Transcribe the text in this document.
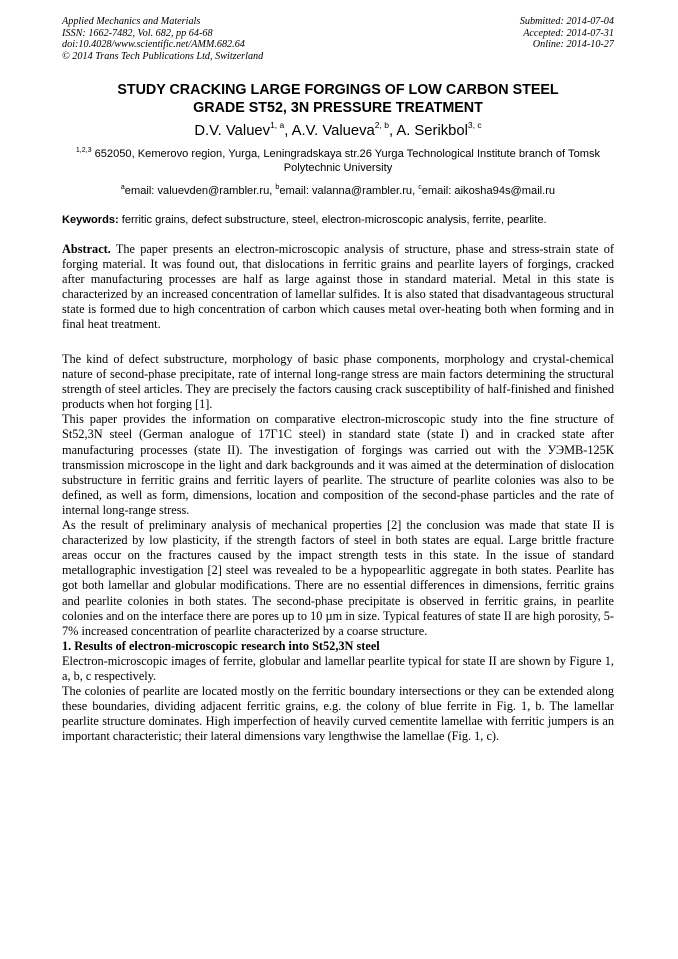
Applied Mechanics and Materials
ISSN: 1662-7482, Vol. 682, pp 64-68
doi:10.4028/www.scientific.net/AMM.682.64
© 2014 Trans Tech Publications Ltd, Switzerland
Submitted: 2014-07-04
Accepted: 2014-07-31
Online: 2014-10-27
STUDY CRACKING LARGE FORGINGS OF LOW CARBON STEEL
GRADE ST52, 3N PRESSURE TREATMENT
D.V. Valuev$^{1, a}$, A.V. Valueva$^{2, b}$, A. Serikbol$^{3, c}$
$^{1,2,3}$ 652050, Kemerovo region, Yurga, Leningradskaya str.26 Yurga Technological Institute branch of Tomsk Polytechnic University
$^a$email: valuevden@rambler.ru, $^b$email: valanna@rambler.ru, $^c$email: aikosha94s@mail.ru
Keywords: ferritic grains, defect substructure, steel, electron-microscopic analysis, ferrite, pearlite.

Abstract. The paper presents an electron-microscopic analysis of structure, phase and stress-strain state of forging material. It was found out, that dislocations in ferritic grains and pearlite layers of forgings, cracked after manufacturing processes are half as large against those in standard material. Metal in this state is characterized by an increased concentration of lamellar sulfides. It is also stated that disadvantageous structural state is formed due to high concentration of carbon which causes metal over-heating both when forming and in final heat treatment.

The kind of defect substructure, morphology of basic phase components, morphology and crystal-chemical nature of second-phase precipitate, rate of internal long-range stress are main factors determining the structural strength of steel articles. They are precisely the factors causing crack susceptibility of half-finished and finished products when hot forging [1].

This paper provides the information on comparative electron-microscopic study into the fine structure of St52,3N steel (German analogue of 17Г1С steel) in standard state (state I) and in cracked state after manufacturing processes (state II). The investigation of forgings was carried out with the УЭМВ-125К transmission microscope in the light and dark backgrounds and it was aimed at the determination of dislocation substructure in ferritic grains and ferritic layers of pearlite. The structure of pearlite colonies was also to be defined, as well as form, dimensions, location and composition of the second-phase particles and the rate of internal long-range stress.

As the result of preliminary analysis of mechanical properties [2] the conclusion was made that state II is characterized by low plasticity, if the strength factors of steel in both states are equal. Large brittle fracture areas occur on the fractures caused by the impact strength tests in this state. In the issue of standard metallographic investigation [2] steel was revealed to be a hypopearlitic aggregate in both states. Pearlite has got both lamellar and globular modifications. There are no essential differences in dimensions, ferritic grains and pearlite colonies in both states. The second-phase precipitate is observed in ferritic grains, in pearlite colonies and on the interface there are pores up to 10 µm in size. Typical features of state II are high porosity, 5-7% increased concentration of pearlite characterized by a coarse structure.

1. Results of electron-microscopic research into St52,3N steel

Electron-microscopic images of ferrite, globular and lamellar pearlite typical for state II are shown by Figure 1, a, b, c respectively.

The colonies of pearlite are located mostly on the ferritic boundary intersections or they can be extended along these boundaries, dividing adjacent ferritic grains, e.g. the colony of blue ferrite in Fig. 1, b. The lamellar pearlite structure dominates. High imperfection of heavily curved cementite lamellae with ferritic jumpers is an important characteristic; their lateral dimensions vary lengthwise the lamellae (Fig. 1, c).
